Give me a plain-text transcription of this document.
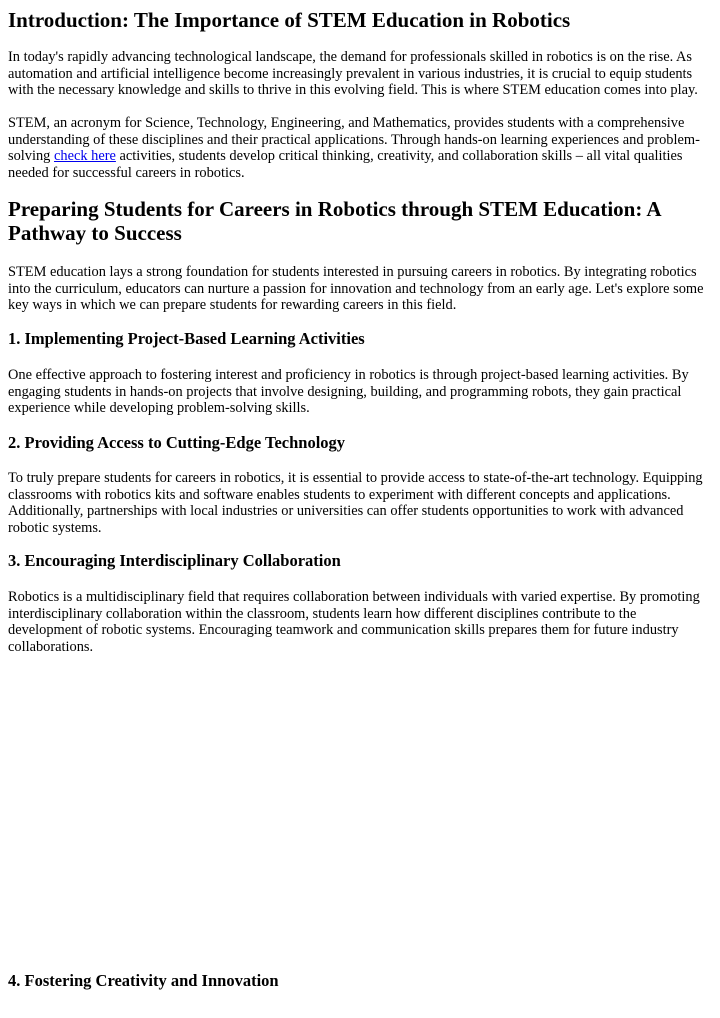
Introduction: The Importance of STEM Education in Robotics

In today's rapidly advancing technological landscape, the demand for professionals skilled in robotics is on the rise. As automation and artificial intelligence become increasingly prevalent in various industries, it is crucial to equip students with the necessary knowledge and skills to thrive in this evolving field. This is where STEM education comes into play.

STEM, an acronym for Science, Technology, Engineering, and Mathematics, provides students with a comprehensive understanding of these disciplines and their practical applications. Through hands-on learning experiences and problem-solving check here activities, students develop critical thinking, creativity, and collaboration skills – all vital qualities needed for successful careers in robotics.

Preparing Students for Careers in Robotics through STEM Education: A Pathway to Success

STEM education lays a strong foundation for students interested in pursuing careers in robotics. By integrating robotics into the curriculum, educators can nurture a passion for innovation and technology from an early age. Let's explore some key ways in which we can prepare students for rewarding careers in this field.

1. Implementing Project-Based Learning Activities

One effective approach to fostering interest and proficiency in robotics is through project-based learning activities. By engaging students in hands-on projects that involve designing, building, and programming robots, they gain practical experience while developing problem-solving skills.

2. Providing Access to Cutting-Edge Technology

To truly prepare students for careers in robotics, it is essential to provide access to state-of-the-art technology. Equipping classrooms with robotics kits and software enables students to experiment with different concepts and applications. Additionally, partnerships with local industries or universities can offer students opportunities to work with advanced robotic systems.

3. Encouraging Interdisciplinary Collaboration

Robotics is a multidisciplinary field that requires collaboration between individuals with varied expertise. By promoting interdisciplinary collaboration within the classroom, students learn how different disciplines contribute to the development of robotic systems. Encouraging teamwork and communication skills prepares them for future industry collaborations.

4. Fostering Creativity and Innovation
